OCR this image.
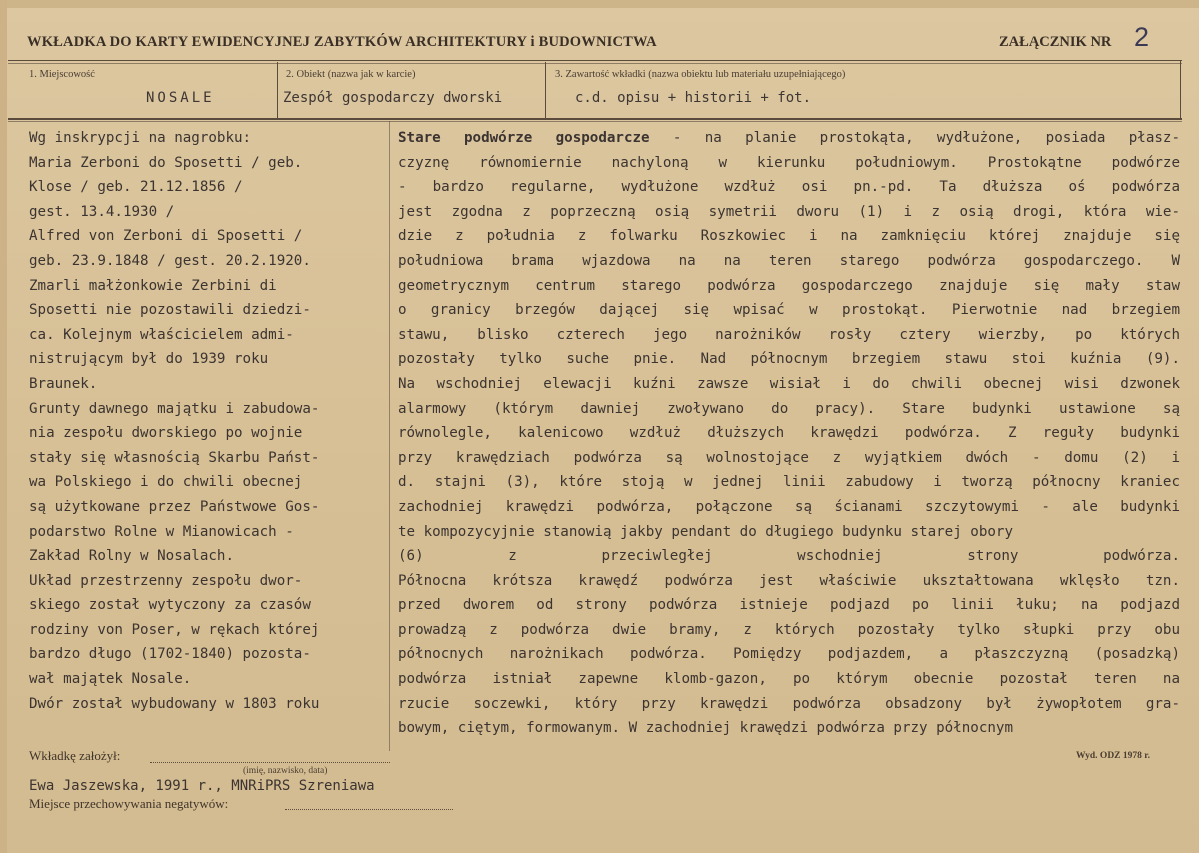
WKŁADKA DO KARTY EWIDENCYJNEJ ZABYTKÓW ARCHITEKTURY i BUDOWNICTWA	ZAŁĄCZNIK NR 2
1. Miejscowość
NOSALE
2. Obiekt (nazwa jak w karcie)
Zespół gospodarczy dworski
3. Zawartość wkładki (nazwa obiektu lub materiału uzupełniającego)
c.d. opisu + historii + fot.
Wg inskrypcji na nagrobku:
Maria Zerboni do Sposetti / geb.
Klose / geb. 21.12.1856 /
gest. 13.4.1930 /
Alfred von Zerboni di Sposetti /
geb. 23.9.1848 / gest. 20.2.1920.
Zmarli małżonkowie Zerbini di
Sposetti nie pozostawili dziedzi-
ca. Kolejnym właścicielem admi-
nistrującym był do 1939 roku
Braunek.
Grunty dawnego majątku i zabudowa-
nia zespołu dworskiego po wojnie
stały się własnością Skarbu Państ-
wa Polskiego i do chwili obecnej
są użytkowane przez Państwowe Gos-
podarstwo Rolne w Mianowicach -
Zakład Rolny w Nosalach.
Układ przestrzenny zespołu dwor-
skiego został wytyczony za czasów
rodziny von Poser, w rękach której
bardzo długo (1702-1840) pozosta-
wał majątek Nosale.
Dwór został wybudowany w 1803 roku
Stare podwórze gospodarcze - na planie prostokąta, wydłużone, posiada płasz-
czyznę równomiernie nachyloną w kierunku południowym. Prostokątne podwórze
- bardzo regularne, wydłużone wzdłuż osi pn.-pd. Ta dłuższa oś podwórza
jest zgodna z poprzeczną osią symetrii dworu (1) i z osią drogi, która wie-
dzie z południa z folwarku Roszkowiec i na zamknięciu której znajduje się
południowa brama wjazdowa na na teren starego podwórza gospodarczego. W
geometrycznym centrum starego podwórza gospodarczego znajduje się mały staw
o granicy brzegów dającej się wpisać w prostokąt. Pierwotnie nad brzegiem
stawu, blisko czterech jego narożników rosły cztery wierzby, po których
pozostały tylko suche pnie. Nad północnym brzegiem stawu stoi kuźnia (9).
Na wschodniej elewacji kuźni zawsze wisiał i do chwili obecnej wisi dzwonek
alarmowy (którym dawniej zwoływano do pracy). Stare budynki ustawione są
równolegle, kalenicowo wzdłuż dłuższych krawędzi podwórza. Z reguły budynki
przy krawędziach podwórza są wolnostojące z wyjątkiem dwóch - domu (2) i
d. stajni (3), które stoją w jednej linii zabudowy i tworzą północny kraniec
zachodniej krawędzi podwórza, połączone są ścianami szczytowymi - ale budynki
te kompozycyjnie stanowią jakby pendant do długiego budynku starej obory
(6) z przeciwległej wschodniej strony podwórza.
Północna krótsza krawędź podwórza jest właściwie ukształtowana wklęsło tzn.
przed dworem od strony podwórza istnieje podjazd po linii łuku; na podjazd
prowadzą z podwórza dwie bramy, z których pozostały tylko słupki przy obu
północnych narożnikach podwórza. Pomiędzy podjazdem, a płaszczyzną (posadzką)
podwórza istniał zapewne klomb-gazon, po którym obecnie pozostał teren na
rzucie soczewki, który przy krawędzi podwórza obsadzony był żywopłotem gra-
bowym, ciętym, formowanym. W zachodniej krawędzi podwórza przy północnym
Wkładkę założył:
(imię, nazwisko, data)
Wyd. ODZ 1978 r.
Ewa Jaszewska, 1991 r., MNRiPRS Szreniawa
Miejsce przechowywania negatywów:
